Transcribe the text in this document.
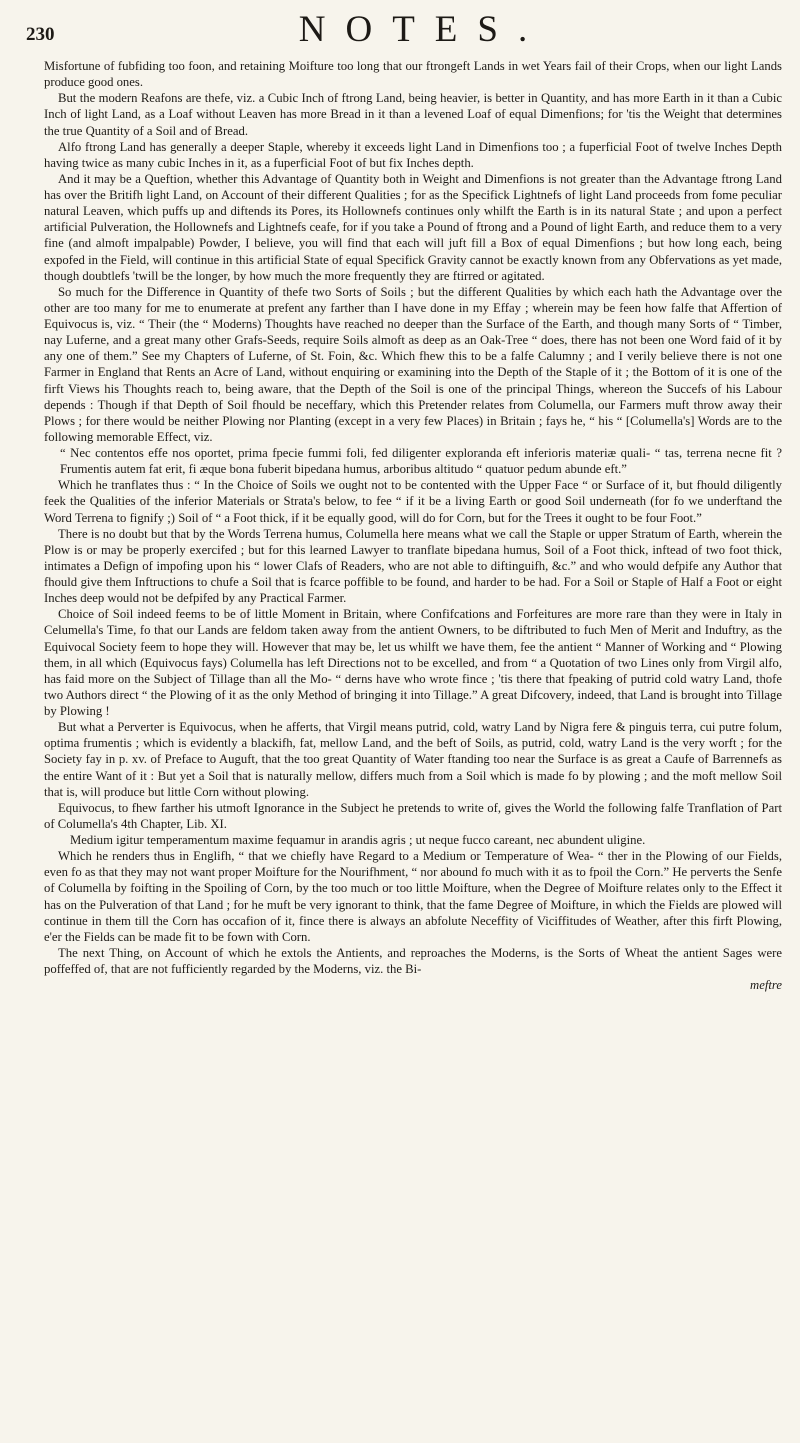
230	NOTES.

Misfortune of fubfiding too foon, and retaining Moifture too long that our ftrongeft Lands in wet Years fail of their Crops, when our light Lands produce good ones.

But the modern Reafons are thefe, viz. a Cubic Inch of ftrong Land, being heavier, is better in Quantity, and has more Earth in it than a Cubic Inch of light Land, as a Loaf without Leaven has more Bread in it than a levened Loaf of equal Dimenfions; for 'tis the Weight that determines the true Quantity of a Soil and of Bread.

Alfo ftrong Land has generally a deeper Staple, whereby it exceeds light Land in Dimenfions too ; a fuperficial Foot of twelve Inches Depth having twice as many cubic Inches in it, as a fuperficial Foot of but fix Inches depth.

And it may be a Queftion, whether this Advantage of Quantity both in Weight and Dimenfions is not greater than the Advantage ftrong Land has over the Britifh light Land, on Account of their different Qualities ; for as the Specifick Lightnefs of light Land proceeds from fome peculiar natural Leaven, which puffs up and diftends its Pores, its Hollownefs continues only whilft the Earth is in its natural State ; and upon a perfect artificial Pulveration, the Hollownefs and Lightnefs ceafe, for if you take a Pound of ftrong and a Pound of light Earth, and reduce them to a very fine (and almoft impalpable) Powder, I believe, you will find that each will juft fill a Box of equal Dimenfions ; but how long each, being expofed in the Field, will continue in this artificial State of equal Specifick Gravity cannot be exactly known from any Obfervations as yet made, though doubtlefs 'twill be the longer, by how much the more frequently they are ftirred or agitated.

So much for the Difference in Quantity of thefe two Sorts of Soils ; but the different Qualities by which each hath the Advantage over the other are too many for me to enumerate at prefent any farther than I have done in my Effay ; wherein may be feen how falfe that Affertion of Equivocus is, viz. “ Their (the “ Moderns) Thoughts have reached no deeper than the Surface of the Earth, and though many Sorts of “ Timber, nay Luferne, and a great many other Grafs-Seeds, require Soils almoft as deep as an Oak-Tree “ does, there has not been one Word faid of it by any one of them.” See my Chapters of Luferne, of St. Foin, &c. Which fhew this to be a falfe Calumny ; and I verily believe there is not one Farmer in England that Rents an Acre of Land, without enquiring or examining into the Depth of the Staple of it ; the Bottom of it is one of the firft Views his Thoughts reach to, being aware, that the Depth of the Soil is one of the principal Things, whereon the Succefs of his Labour depends : Though if that Depth of Soil fhould be neceffary, which this Pretender relates from Columella, our Farmers muft throw away their Plows ; for there would be neither Plowing nor Planting (except in a very few Places) in Britain ; fays he, “ his “ [Columella's] Words are to the following memorable Effect, viz.

“ Nec contentos effe nos oportet, prima fpecie fummi foli, fed diligenter exploranda eft inferioris materiæ quali- “ tas, terrena necne fit ? Frumentis autem fat erit, fi æque bona fuberit bipedana humus, arboribus altitudo “ quatuor pedum abunde eft.”

Which he tranflates thus : “ In the Choice of Soils we ought not to be contented with the Upper Face “ or Surface of it, but fhould diligently feek the Qualities of the inferior Materials or Strata's below, to fee “ if it be a living Earth or good Soil underneath (for fo we underftand the Word Terrena to fignify ;) Soil of “ a Foot thick, if it be equally good, will do for Corn, but for the Trees it ought to be four Foot.”

There is no doubt but that by the Words Terrena humus, Columella here means what we call the Staple or upper Stratum of Earth, wherein the Plow is or may be properly exercifed ; but for this learned Lawyer to tranflate bipedana humus, Soil of a Foot thick, inftead of two foot thick, intimates a Defign of impofing upon his “ lower Clafs of Readers, who are not able to diftinguifh, &c.” and who would defpife any Author that fhould give them Inftructions to chufe a Soil that is fcarce poffible to be found, and harder to be had. For a Soil or Staple of Half a Foot or eight Inches deep would not be defpifed by any Practical Farmer.

Choice of Soil indeed feems to be of little Moment in Britain, where Confifcations and Forfeitures are more rare than they were in Italy in Celumella's Time, fo that our Lands are feldom taken away from the antient Owners, to be diftributed to fuch Men of Merit and Induftry, as the Equivocal Society feem to hope they will. However that may be, let us whilft we have them, fee the antient “ Manner of Working and “ Plowing them, in all which (Equivocus fays) Columella has left Directions not to be excelled, and from “ a Quotation of two Lines only from Virgil alfo, has faid more on the Subject of Tillage than all the Mo- “ derns have who wrote fince ; 'tis there that fpeaking of putrid cold watry Land, thofe two Authors direct “ the Plowing of it as the only Method of bringing it into Tillage.” A great Difcovery, indeed, that Land is brought into Tillage by Plowing !

But what a Perverter is Equivocus, when he afferts, that Virgil means putrid, cold, watry Land by Nigra fere & pinguis terra, cui putre folum, optima frumentis ; which is evidently a blackifh, fat, mellow Land, and the beft of Soils, as putrid, cold, watry Land is the very worft ; for the Society fay in p. xv. of Preface to Auguft, that the too great Quantity of Water ftanding too near the Surface is as great a Caufe of Barrennefs as the entire Want of it : But yet a Soil that is naturally mellow, differs much from a Soil which is made fo by plowing ; and the moft mellow Soil that is, will produce but little Corn without plowing.

Equivocus, to fhew farther his utmoft Ignorance in the Subject he pretends to write of, gives the World the following falfe Tranflation of Part of Columella's 4th Chapter, Lib. XI.

Medium igitur temperamentum maxime fequamur in arandis agris ; ut neque fucco careant, nec abundent uligine.

Which he renders thus in Englifh, “ that we chiefly have Regard to a Medium or Temperature of Wea- “ ther in the Plowing of our Fields, even fo as that they may not want proper Moifture for the Nourifhment, “ nor abound fo much with it as to fpoil the Corn.” He perverts the Senfe of Columella by foifting in the Spoiling of Corn, by the too much or too little Moifture, when the Degree of Moifture relates only to the Effect it has on the Pulveration of that Land ; for he muft be very ignorant to think, that the fame Degree of Moifture, in which the Fields are plowed will continue in them till the Corn has occafion of it, fince there is always an abfolute Neceffity of Viciffitudes of Weather, after this firft Plowing, e'er the Fields can be made fit to be fown with Corn.

The next Thing, on Account of which he extols the Antients, and reproaches the Moderns, is the Sorts of Wheat the antient Sages were poffeffed of, that are not fufficiently regarded by the Moderns, viz. the Bi-

meftre
